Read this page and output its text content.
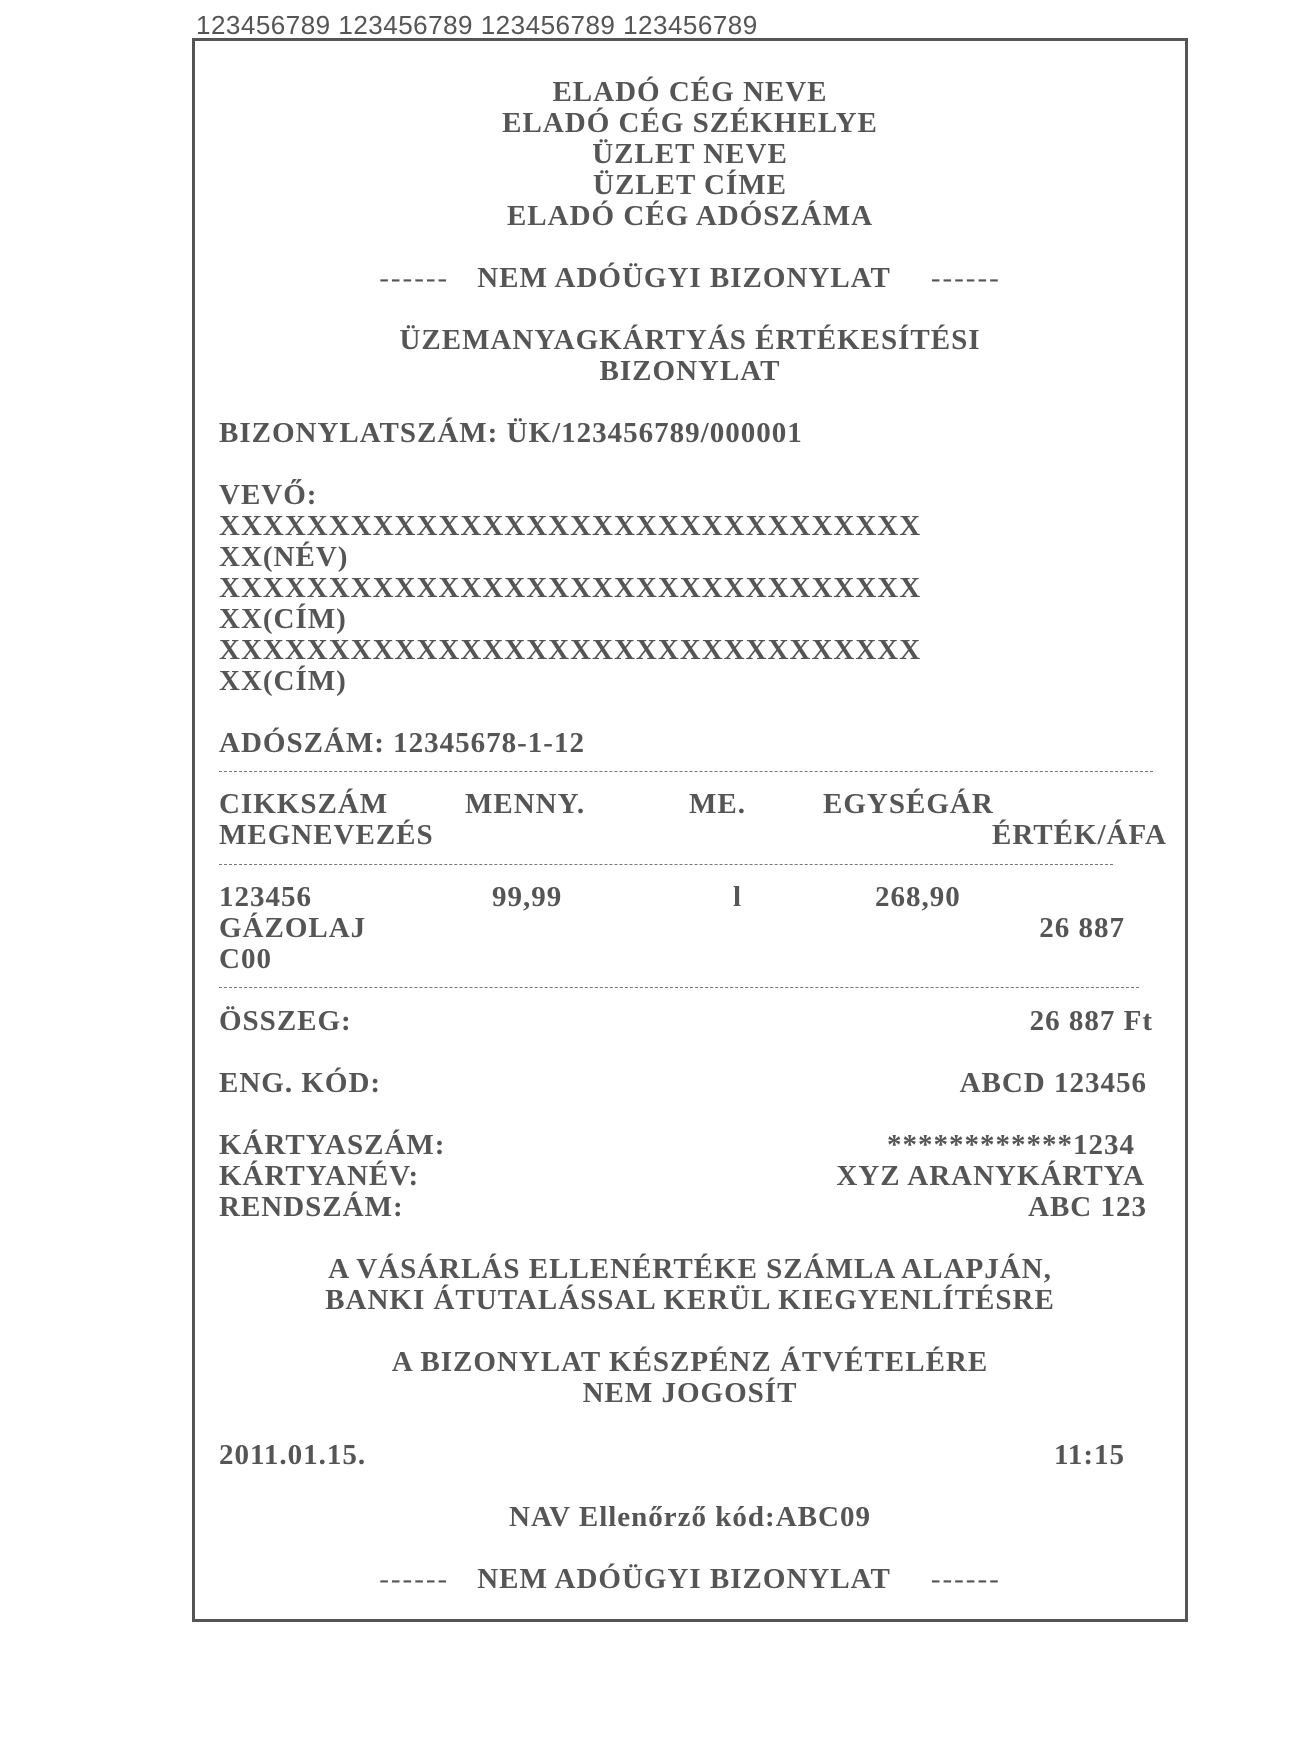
123456789 123456789 123456789 123456789
ELADÓ CÉG NEVE
ELADÓ CÉG SZÉKHELYE
ÜZLET NEVE
ÜZLET CÍME
ELADÓ CÉG ADÓSZÁMA
------ NEM ADÓÜGYI BIZONYLAT ------
ÜZEMANYAGKÁRTYÁS ÉRTÉKESÍTÉSI
BIZONYLAT
BIZONYLATSZÁM: ÜK/123456789/000001
VEVŐ:
XXXXXXXXXXXXXXXXXXXXXXXXXXXXXXXX
XX(NÉV)
XXXXXXXXXXXXXXXXXXXXXXXXXXXXXXXX
XX(CÍM)
XXXXXXXXXXXXXXXXXXXXXXXXXXXXXXXX
XX(CÍM)
ADÓSZÁM: 12345678-1-12
CIKKSZÁM	MENNY.	ME.	EGYSÉGÁR
MEGNEVEZÉS	ÉRTÉK/ÁFA
123456	99,99	l	268,90
GÁZOLAJ	26 887
C00
ÖSSZEG:	26 887 Ft
ENG. KÓD:	ABCD 123456
KÁRTYASZÁM:	************1234
KÁRTYANÉV:	XYZ ARANYKÁRTYA
RENDSZÁM:	ABC 123
A VÁSÁRLÁS ELLENÉRTÉKE SZÁMLA ALAPJÁN,
BANKI ÁTUTALÁSSAL KERÜL KIEGYENLÍTÉSRE
A BIZONYLAT KÉSZPÉNZ ÁTVÉTELÉRE
NEM JOGOSÍT
2011.01.15.	11:15
NAV Ellenőrző kód:ABC09
------ NEM ADÓÜGYI BIZONYLAT ------
